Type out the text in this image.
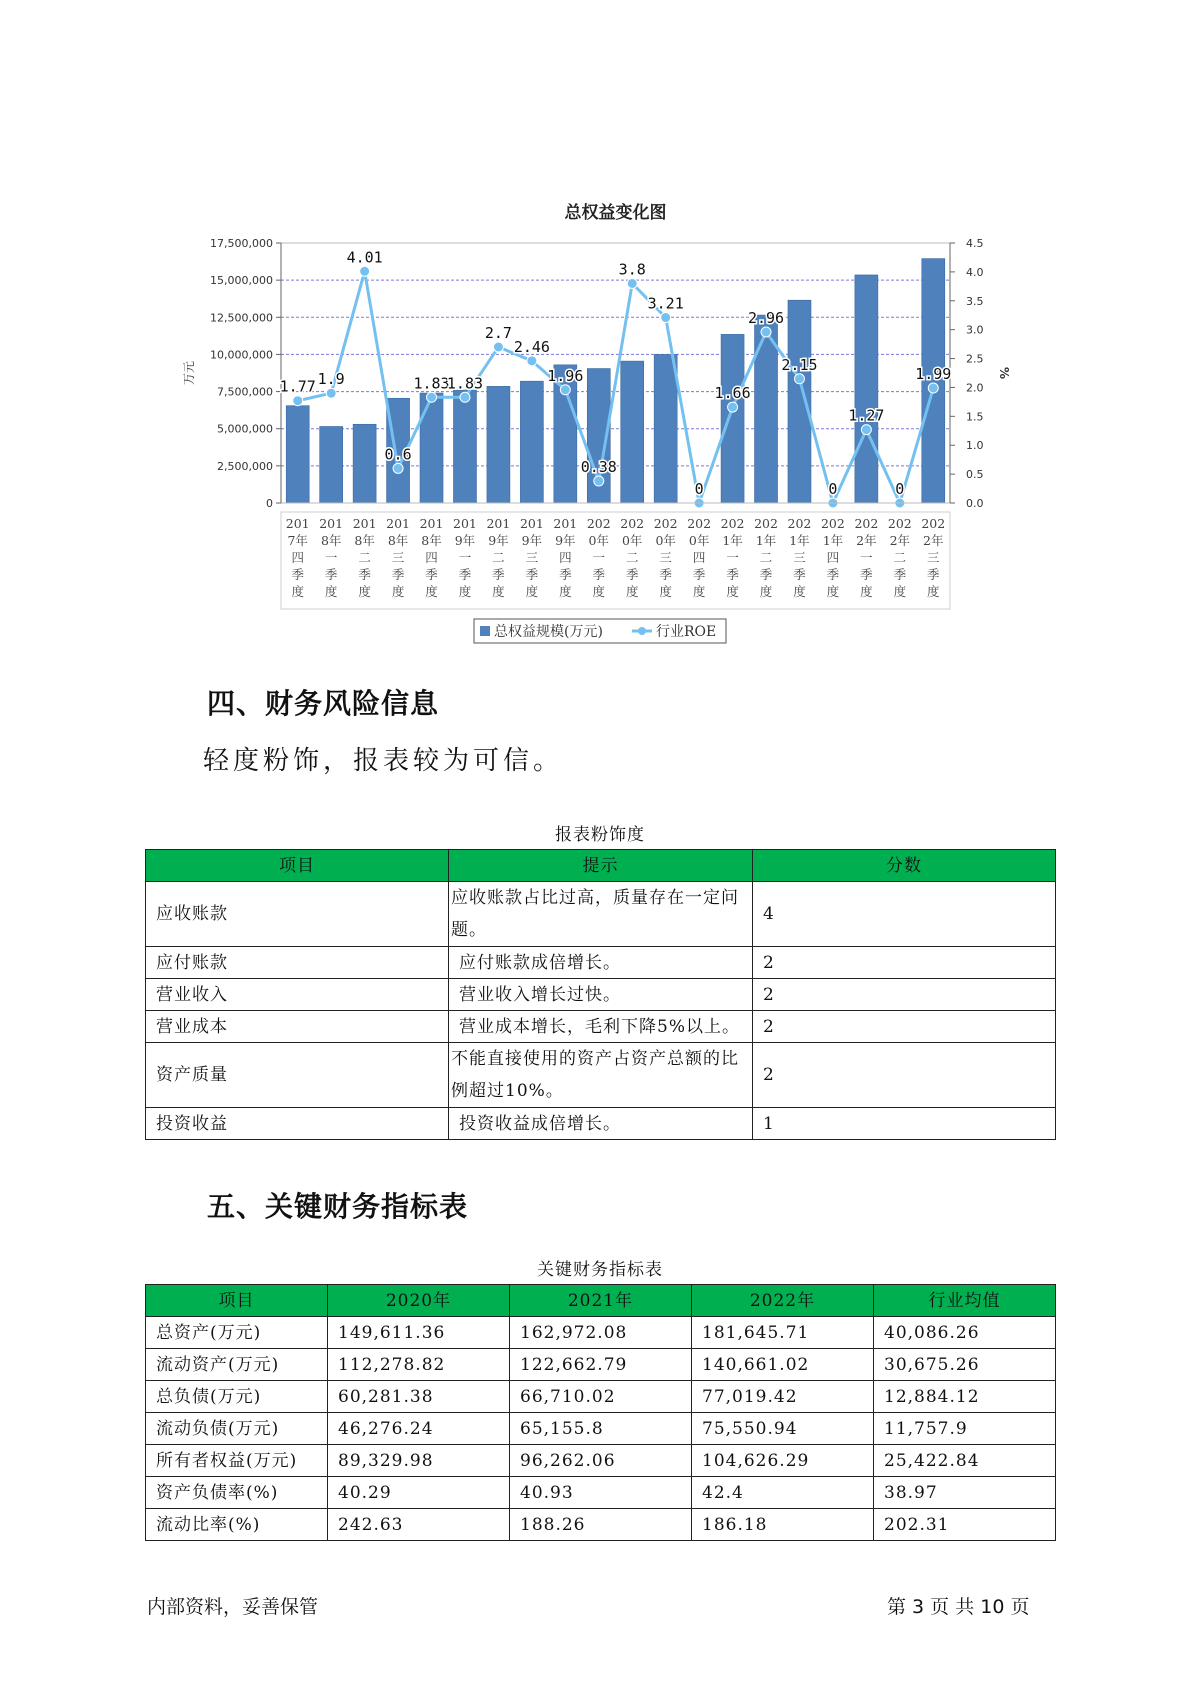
总权益变化图
0
2,500,000
5,000,000
7,500,000
10,000,000
12,500,000
15,000,000
17,500,000
0.0
0.5
1.0
1.5
2.0
2.5
3.0
3.5
4.0
4.5
万元	%
1.77 1.9
4.01
0.6
1.83
1.83
2.7
2.46
1.96
0.38
3.8
3.21
0
1.66
2.96
2.15
0
1.27
0
1.99
201
7年
四
季
度
201
8年
一
季
度
201
8年
二
季
度
201
8年
三
季
度
201
8年
四
季
度
201
9年
一
季
度
201
9年
二
季
度
201
9年
三
季
度
201
9年
四
季
度
202
0年
一
季
度
202
0年
二
季
度
202
0年
三
季
度
202
0年
四
季
度
202
1年
一
季
度
202
1年
二
季
度
202
1年
三
季
度
202
1年
四
季
度
202
2年
一
季
度
202
2年
二
季
度
202
2年
三
季
度
总权益规模(万元)	行业ROE
四、财务风险信息

轻度粉饰，报表较为可信。

报表粉饰度
项目	提示	分数
应收账款	应收账款占比过高，质量存在一定问题。	4
应付账款	应付账款成倍增长。	2
营业收入	营业收入增长过快。	2
营业成本	营业成本增长，毛利下降5%以上。	2
资产质量	不能直接使用的资产占资产总额的比例超过10%。	2
投资收益	投资收益成倍增长。	1
五、关键财务指标表
关键财务指标表
项目	2020年	2021年	2022年	行业均值
总资产(万元)	149,611.36	162,972.08	181,645.71	40,086.26
流动资产(万元)	112,278.82	122,662.79	140,661.02	30,675.26
总负债(万元)	60,281.38	66,710.02	77,019.42	12,884.12
流动负债(万元)	46,276.24	65,155.8	75,550.94	11,757.9
所有者权益(万元)	89,329.98	96,262.06	104,626.29	25,422.84
资产负债率(%)	40.29	40.93	42.4	38.97
流动比率(%)	242.63	188.26	186.18	202.31
内部资料，妥善保管	第 3 页 共 10 页
